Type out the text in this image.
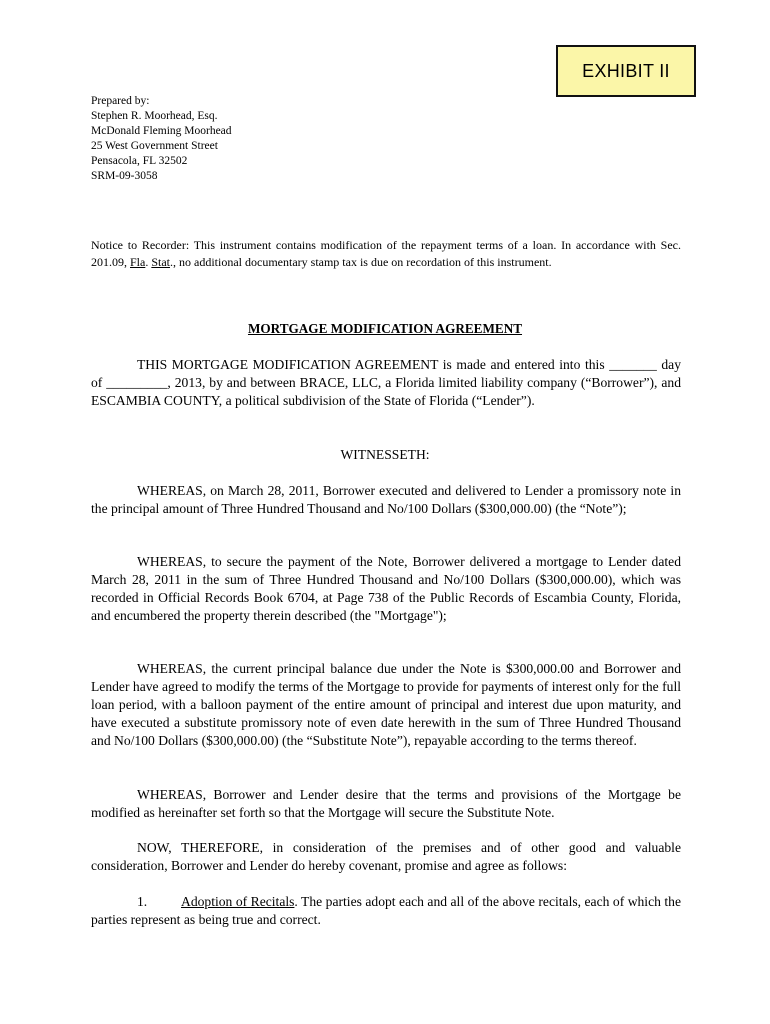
EXHIBIT II
Prepared by:
Stephen R. Moorhead, Esq.
McDonald Fleming Moorhead
25 West Government Street
Pensacola, FL 32502
SRM-09-3058
Notice to Recorder: This instrument contains modification of the repayment terms of a loan. In accordance with Sec. 201.09, Fla. Stat., no additional documentary stamp tax is due on recordation of this instrument.
MORTGAGE MODIFICATION AGREEMENT
THIS MORTGAGE MODIFICATION AGREEMENT is made and entered into this _______ day of _________, 2013, by and between BRACE, LLC, a Florida limited liability company (“Borrower”), and ESCAMBIA COUNTY, a political subdivision of the State of Florida (“Lender”).
WITNESSETH:
WHEREAS, on March 28, 2011, Borrower executed and delivered to Lender a promissory note in the principal amount of Three Hundred Thousand and No/100 Dollars ($300,000.00) (the “Note”);
WHEREAS, to secure the payment of the Note, Borrower delivered a mortgage to Lender dated March 28, 2011 in the sum of Three Hundred Thousand and No/100 Dollars ($300,000.00), which was recorded in Official Records Book 6704, at Page 738 of the Public Records of Escambia County, Florida, and encumbered the property therein described (the "Mortgage");
WHEREAS, the current principal balance due under the Note is $300,000.00 and Borrower and Lender have agreed to modify the terms of the Mortgage to provide for payments of interest only for the full loan period, with a balloon payment of the entire amount of principal and interest due upon maturity, and have executed a substitute promissory note of even date herewith in the sum of Three Hundred Thousand and No/100 Dollars ($300,000.00) (the “Substitute Note”), repayable according to the terms thereof.
WHEREAS, Borrower and Lender desire that the terms and provisions of the Mortgage be modified as hereinafter set forth so that the Mortgage will secure the Substitute Note.
NOW, THEREFORE, in consideration of the premises and of other good and valuable consideration, Borrower and Lender do hereby covenant, promise and agree as follows:
1. Adoption of Recitals. The parties adopt each and all of the above recitals, each of which the parties represent as being true and correct.
